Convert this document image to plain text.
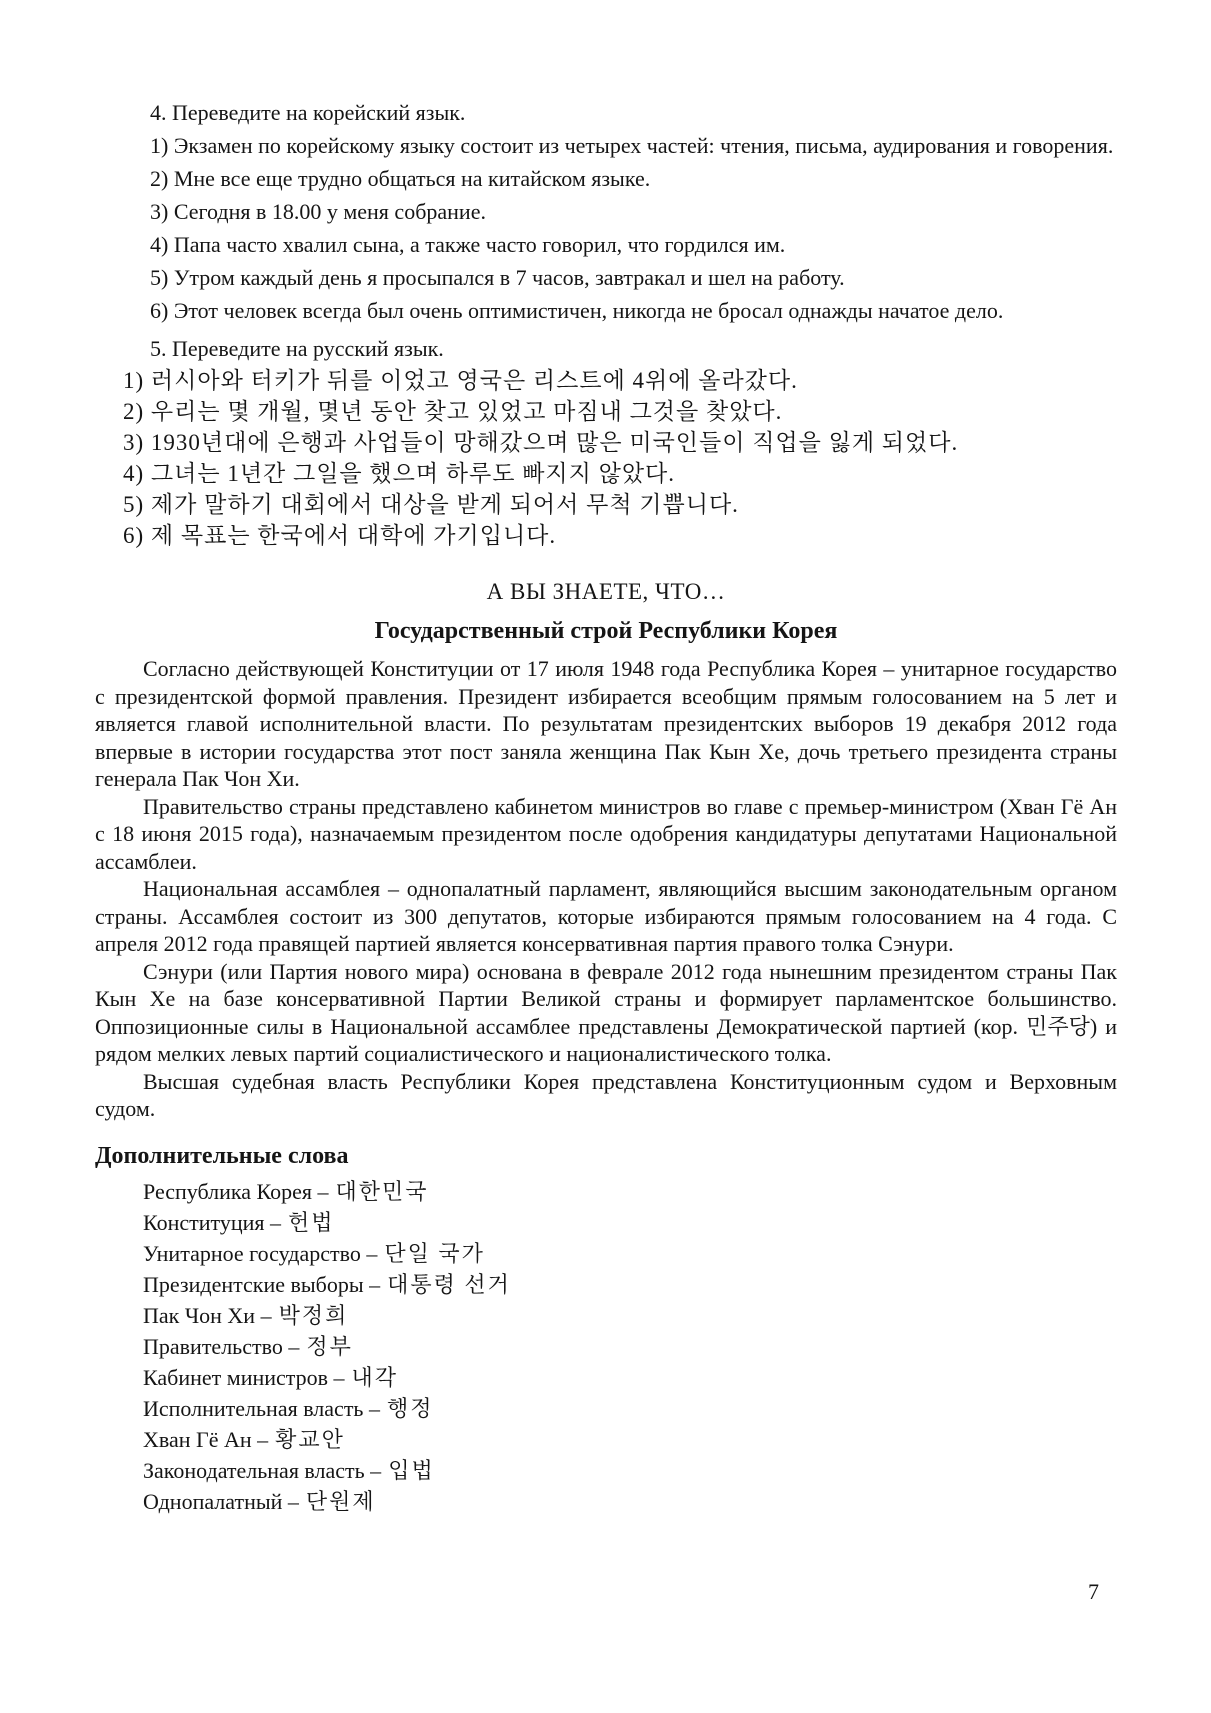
4. Переведите на корейский язык.

1) Экзамен по корейскому языку состоит из четырех частей: чтения, письма, аудирования и говорения.

2) Мне все еще трудно общаться на китайском языке.

3) Сегодня в 18.00 у меня собрание.

4) Папа часто хвалил сына, а также часто говорил, что гордился им.

5) Утром каждый день я просыпался в 7 часов, завтракал и шел на работу.

6) Этот человек всегда был очень оптимистичен, никогда не бросал однажды начатое дело.

5. Переведите на русский язык.

1) 러시아와 터키가 뒤를 이었고 영국은 리스트에 4위에 올라갔다.

2) 우리는 몇 개월, 몇년 동안 찾고 있었고 마짐내 그것을 찾았다.

3) 1930년대에 은행과 사업들이 망해갔으며 많은 미국인들이 직업을 잃게 되었다.

4) 그녀는 1년간 그일을 했으며 하루도 빠지지 않았다.

5) 제가 말하기 대회에서 대상을 받게 되어서 무척 기쁩니다.

6) 제 목표는 한국에서 대학에 가기입니다.

А ВЫ ЗНАЕТЕ, ЧТО…
Государственный строй Республики Корея

Согласно действующей Конституции от 17 июля 1948 года Республика Корея – унитарное государство с президентской формой правления. Президент избирается всеобщим прямым голосованием на 5 лет и является главой исполнительной власти. По результатам президентских выборов 19 декабря 2012 года впервые в истории государства этот пост заняла женщина Пак Кын Хе, дочь третьего президента страны генерала Пак Чон Хи.

Правительство страны представлено кабинетом министров во главе с премьер-министром (Хван Гё Ан с 18 июня 2015 года), назначаемым президентом после одобрения кандидатуры депутатами Национальной ассамблеи.

Национальная ассамблея – однопалатный парламент, являющийся высшим законодательным органом страны. Ассамблея состоит из 300 депутатов, которые избираются прямым голосованием на 4 года. С апреля 2012 года правящей партией является консервативная партия правого толка Сэнури.

Сэнури (или Партия нового мира) основана в феврале 2012 года нынешним президентом страны Пак Кын Хе на базе консервативной Партии Великой страны и формирует парламентское большинство. Оппозиционные силы в Национальной ассамблее представлены Демократической партией (кор. 민주당) и рядом мелких левых партий социалистического и националистического толка.

Высшая судебная власть Республики Корея представлена Конституционным судом и Верховным судом.

Дополнительные слова

Республика Корея – 대한민국

Конституция – 헌법

Унитарное государство – 단일 국가

Президентские выборы – 대통령 선거

Пак Чон Хи – 박정희

Правительство – 정부

Кабинет министров – 내각

Исполнительная власть – 행정

Хван Гё Ан – 황교안

Законодательная власть – 입법

Однопалатный – 단원제

7
